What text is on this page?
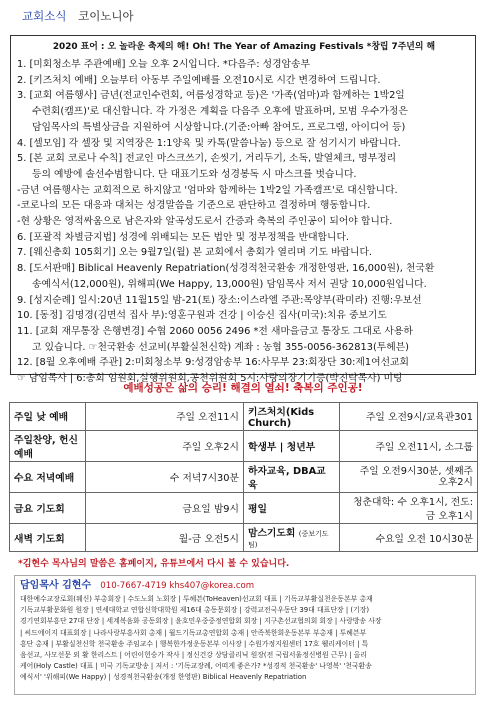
교회소식 코이노니아
2020 표어 : 오 놀라운 축제의 해! Oh! The Year of Amazing Festivals *창립 7주년의 해
1. [미회청소부 주관예배] 오늘 오후 2시입니다. *다음주: 성경암송부
2. [키즈처치 예배] 오늘부터 아동부 주일예배를 오전10시로 시간 변경하여 드립니다.
3. [교회 여름행사] 금년(전교인수련회, 여름성경학교 등)은 '가족(엄마)과 함께하는 1박2일
수련회(캠프)'로 대신합니다. 각 가정은 계획을 다음주 오후에 발표하며, 모범 우수가정은
담임목사의 특별상금을 지원하여 시상합니다.(기준:아빠 참여도, 프로그램, 아이디어 등)
4. [셀모임] 각 셀장 및 지역장은 1:1양육 및 카톡(말씀나눔) 등으로 잘 섬기시기 바랍니다.
5. [본 교회 코로나 수칙] 전교인 마스크쓰기, 손씻기, 거리두기, 소독, 발열체크, 명부정리
등의 예방에 솔선수범합니다. 단 대표기도와 성경봉독 시 마스크를 벗습니다.
-금년 여름행사는 교회적으로 하지않고 '엄마와 함께하는 1박2일 가족캠프'로 대신합니다.
-코로나의 모든 대응과 대처는 성경말씀을 기준으로 판단하고 결정하며 행동합니다.
-현 상황은 영적싸움으로 남은자와 알곡성도로서 간증과 축복의 주인공이 되어야 합니다.
6. [포괄적 차별금지법] 성경에 위배되는 모든 법안 및 정부정책을 반대합니다.
7. [웨신총회 105회기] 오는 9월7일(월) 본 교회에서 총회가 열리며 기도 바랍니다.
8. [도서판매] Biblical Heavenly Repatriation(성경적천국환송 개정한영판, 16,000원), 천국환
송예식서(12,000원), 위해피(We Happy, 13,000원) 담임목사 저서 권당 10,000원입니다.
9. [성지순례] 일시:20년 11월15일 밤-21(토) 장소:이스라엘 주관:목양부(곽미라) 진행:우보선
10. [동정] 김명경(김면석 집사 부):영훈구원과 건강 | 이승신 집사(미국):치유 중보기도
11. [교회 재무통장 은행변경] 수협 2060 0056 2496 *전 새마을금고 통장도 그대로 사용하
고 있습니다. ☞천국환송 선교비(부활실천신학) 계좌 : 농협 355-0056-362813(투헤븐)
12. [8월 오후예배 주관] 2:미회청소부 9:성경암송부 16:사무부 23:회장단 30:제1여선교회
☞ 담임목사 | 6:총회 임원회,실행위원회,공천위원회 5시:사랑의장기기증(박진탁목사) 미팅
예배성공은 삶의 승리! 해결의 열쇠! 축복의 주인공!
주일 낮 예배	주일 오전11시	키즈처치(Kids Church)	주일 오전9시/교육관301
주일찬양, 헌신예배	주일 오후2시	학생부 | 청년부	주일 오전11시, 소그룹
수요 저녁예배	수 저녁7시30분	하자교육, DBA교육	주일 오전9시30분, 셋째주
오후2시
금요 기도회	금요일 밤9시	평일	청춘대학: 수 오후1시, 전도: 금 오후1시
새벽 기도회	월-금 오전5시	맘스기도회 (중보기도팀)	수요일 오전 10시30분
*김현수 목사님의 말씀은 홈페이지, 유튜브에서 다시 볼 수 있습니다.
담임목사 김현수 010-7667-4719 khs407@korea.com
대한예수교장로회(웨신) 부총회장 | 수도노회 노회장 | 투헤븐(ToHeaven)선교회 대표 | 기독교부활실천운동본부 총재
기독교부활문화원 원장 | 연세대학교 연합신학대학원 제16대 총동문회장 | 강력교전국우동단 39대 대표단장 | (기장)
경기연회부흥단 27대 단장 | 세계복음화 공동회장 | 윤호민우중중정연합회 회장 | 지구촌선교협의회 회장 | 사랑방송 사장
| 씨드에이지 대표회장 | 나라사랑부흥사회 총재 | 월드기독교총연합회 총재 | 안족북한회운동본부 부총재 | 투헤븐부
흥단 총재 | 부활실천신학 천국환송 주임교수 | 행복한가정운동본부 이사장 | 수원가정지원센터 17호 웰리케이터 | 특
음선교, 사모선문 외 활 한리스트 | 어린이헌승가 작사 | 정신건강 상담클리닉 원장(전 국립서울정신병원 근무) | 올리
케어(Holy Castle) 대표 | 미국 기독교방송 | 저서 : '기독교장례, 어떠게 좋은가? *성경적 천국환송' 나영복' '천국환송
예식서' '위해피(We Happy) | 성경적천국환송(개정 한영판) Biblical Heavenly Repatriation
